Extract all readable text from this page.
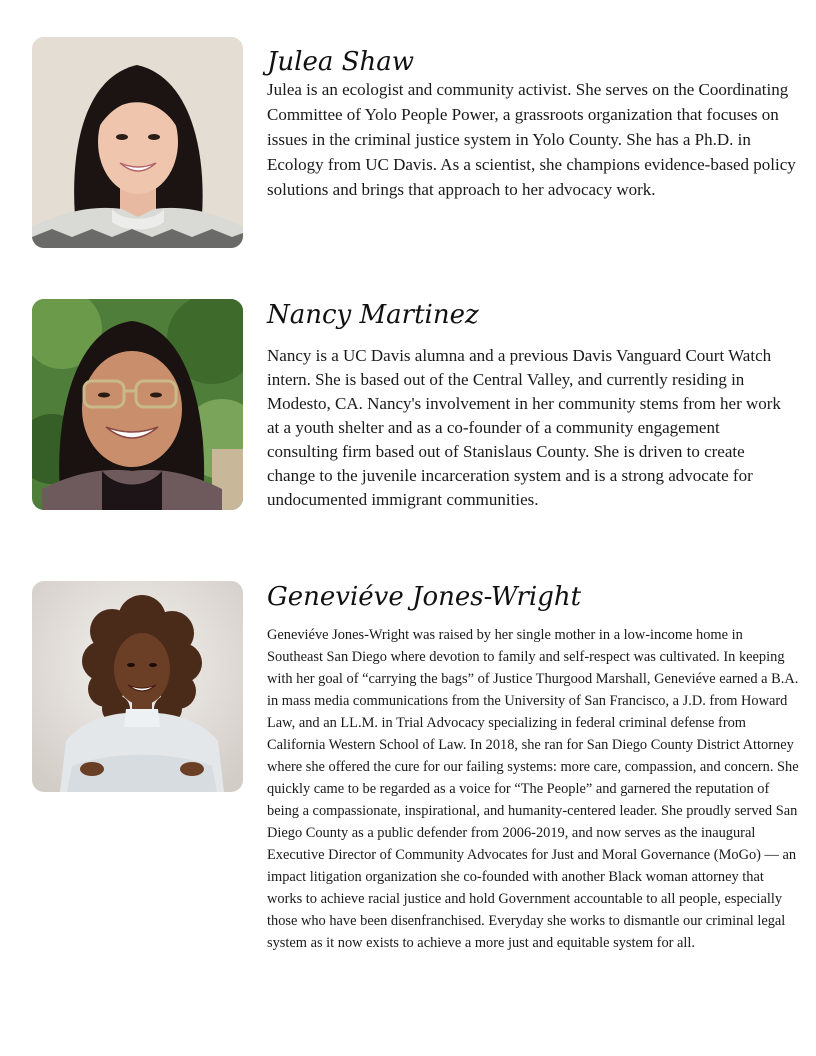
Julea Shaw

Julea is an ecologist and community activist. She serves on the Coordinating Committee of Yolo People Power, a grassroots organization that focuses on issues in the criminal justice system in Yolo County. She has a Ph.D. in Ecology from UC Davis. As a scientist, she champions evidence-based policy solutions and brings that approach to her advocacy work.

Nancy Martinez

Nancy is a UC Davis alumna and a previous Davis Vanguard Court Watch intern. She is based out of the Central Valley, and currently residing in Modesto, CA. Nancy's involvement in her community stems from her work at a youth shelter and as a co-founder of a community engagement consulting firm based out of Stanislaus County. She is driven to create change to the juvenile incarceration system and is a strong advocate for undocumented immigrant communities.

Geneviéve Jones-Wright

Geneviéve Jones-Wright was raised by her single mother in a low-income home in Southeast San Diego where devotion to family and self-respect was cultivated. In keeping with her goal of “carrying the bags” of Justice Thurgood Marshall, Geneviéve earned a B.A. in mass media communications from the University of San Francisco, a J.D. from Howard Law, and an LL.M. in Trial Advocacy specializing in federal criminal defense from California Western School of Law. In 2018, she ran for San Diego County District Attorney where she offered the cure for our failing systems: more care, compassion, and concern. She quickly came to be regarded as a voice for “The People” and garnered the reputation of being a compassionate, inspirational, and humanity-centered leader. She proudly served San Diego County as a public defender from 2006-2019, and now serves as the inaugural Executive Director of Community Advocates for Just and Moral Governance (MoGo) — an impact litigation organization she co-founded with another Black woman attorney that works to achieve racial justice and hold Government accountable to all people, especially those who have been disenfranchised. Everyday she works to dismantle our criminal legal system as it now exists to achieve a more just and equitable system for all.
